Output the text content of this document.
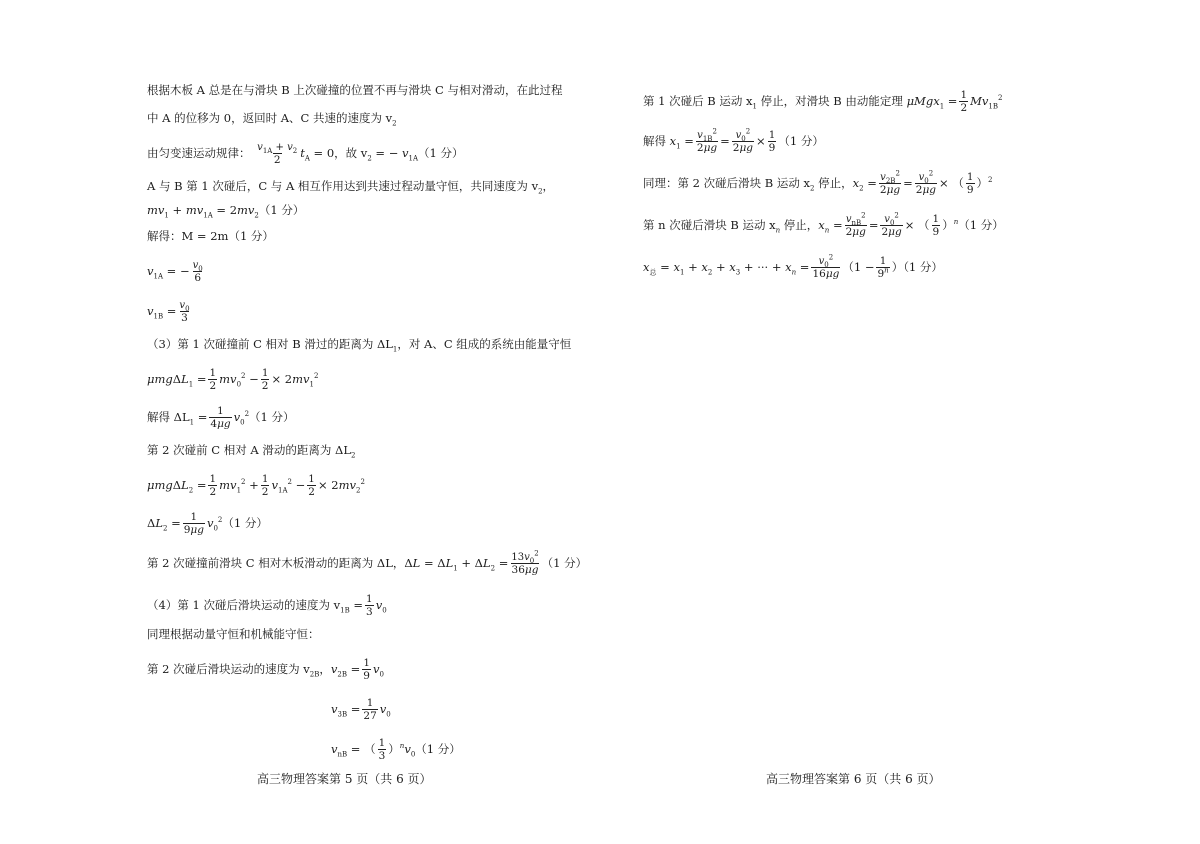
根据木板 A 总是在与滑块 B 上次碰撞的位置不再与滑块 C 与相对滑动，在此过程
中 A 的位移为 0，返回时 A、C 共速的速度为 $v_2$
由匀变速运动规律： $\frac{v_{1A} + v_2}{2} t_A = 0$，故 $v_2$ = − $v_{1A}(1$ 分）
A 与 B 第 1 次碰后，C 与 A 相互作用达到共速过程动量守恒，共同速度为 $v_2$，
$mv_1 + mv_{1A} = 2mv_2(1$ 分）
解得：M = 2m（1 分）
$v_{1A}$ = − $\frac{v_0}{6}$
$v_{1B} = \frac{v_0}{3}$
（3）第 1 次碰撞前 C 相对 B 滑过的距离为 $\Delta L_1$，对 A、C 组成的系统由能量守恒
$\mu mg\Delta L_1 = \frac{1}{2} mv_0^2 - \frac{1}{2} \times 2mv_1^2$
解得 $\Delta L_1 = \frac{1}{4\mu g} v_0^2(1$ 分）
第 2 次碰前 C 相对 A 滑动的距离为 $\Delta L_2$
$\mu mg\Delta L_2 = \frac{1}{2} mv_1^2 + \frac{1}{2} v_{1A}^2 - \frac{1}{2} \times 2mv_2^2$
$\Delta L_2 = \frac{1}{9\mu g} v_0^2(1$ 分）
第 2 次碰撞前滑块 C 相对木板滑动的距离为 ΔL，$\Delta L = \Delta L_1 + \Delta L_2 = \frac{13v_0^2}{36\mu g} (1$ 分）
（4）第 1 次碰后滑块运动的速度为 $v_{1B} = \frac{1}{3} v_0$
同理根据动量守恒和机械能守恒：
第 2 次碰后滑块运动的速度为 $v_{2B}$，$v_{2B} = \frac{1}{9} v_0$
$v_{3B} = \frac{1}{27} v_0$
$v_{nB}$ = （ $\frac{1}{3} )^nv_0(1$ 分）
第 1 次碰后 B 运动 $x_1$ 停止，对滑块 B 由动能定理 $\mu Mgx_1 = \frac{1}{2} Mv_{1B}^2$
解得 $x_1 = \frac{v_{1B}^2}{2\mu g} = \frac{v_0^2}{2\mu g} \times \frac{1}{9} (1$ 分）
同理：第 2 次碰后滑块 B 运动 $x_2$ 停止，$x_2 = \frac{v_{2B}^2}{2\mu g} = \frac{v_0^2}{2\mu g}$ × （ $\frac{1}{9} )^2$
第 n 次碰后滑块 B 运动 $x_n$ 停止，$x_n = \frac{v_{nB}^2}{2\mu g} = \frac{v_0^2}{2\mu g}$ × （ $\frac{1}{9} )^n(1$ 分）
$x_总 = x_1 + x_2 + x_3$ + ··· + $x_n = \frac{v_0^2}{16\mu g} (1 - \frac{1}{9^n} )(1$ 分）
高三物理答案第 5 页（共 6 页）	高三物理答案第 6 页（共 6 页）
